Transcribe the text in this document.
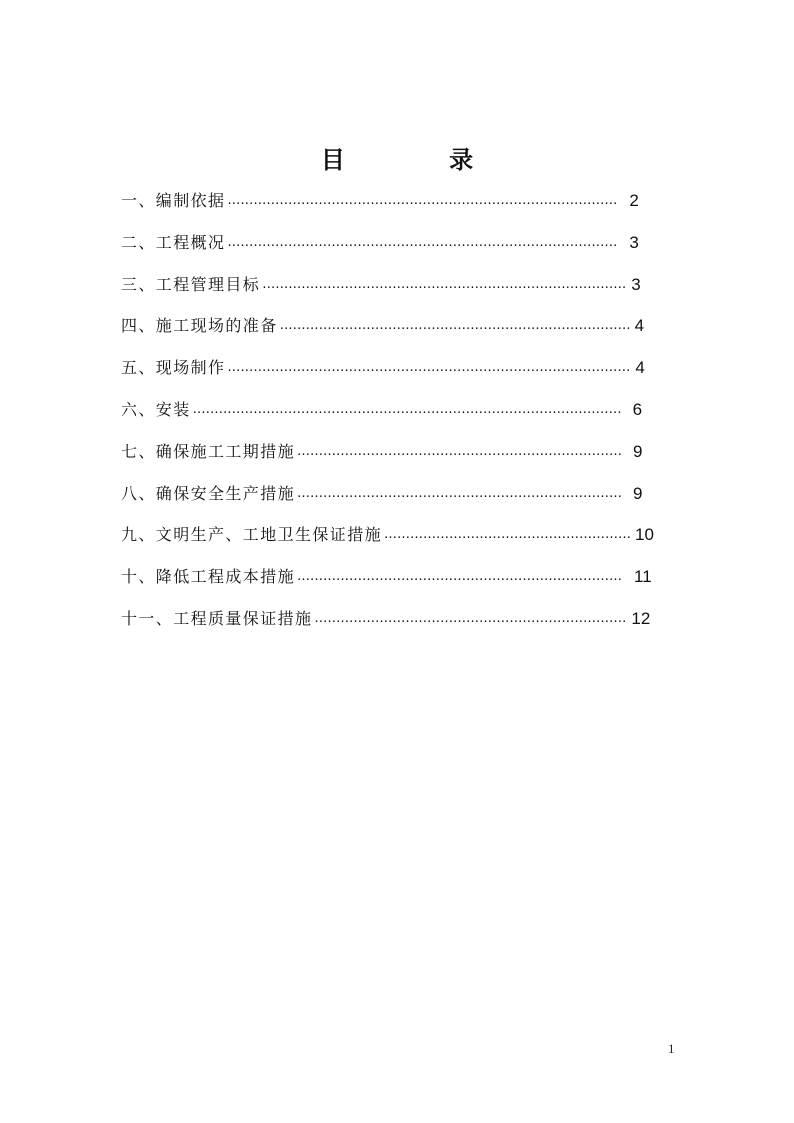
目 录
一、编制依据 ……………………………………………………………………………… 2
二、工程概况 ……………………………………………………………………………… 3
三、工程管理目标 ………………………………………………………………………… 3
四、施工现场的准备 ……………………………………………………………………… 4
五、现场制作 ………………………………………………………………………………… 4
六、安装 ……………………………………………………………………………………… 6
七、确保施工工期措施 ………………………………………………………………… 9
八、确保安全生产措施 ………………………………………………………………… 9
九、文明生产、工地卫生保证措施 ………………………………………………… 10
十、降低工程成本措施 ………………………………………………………………… 11
十一、工程质量保证措施 ……………………………………………………………… 12
1
